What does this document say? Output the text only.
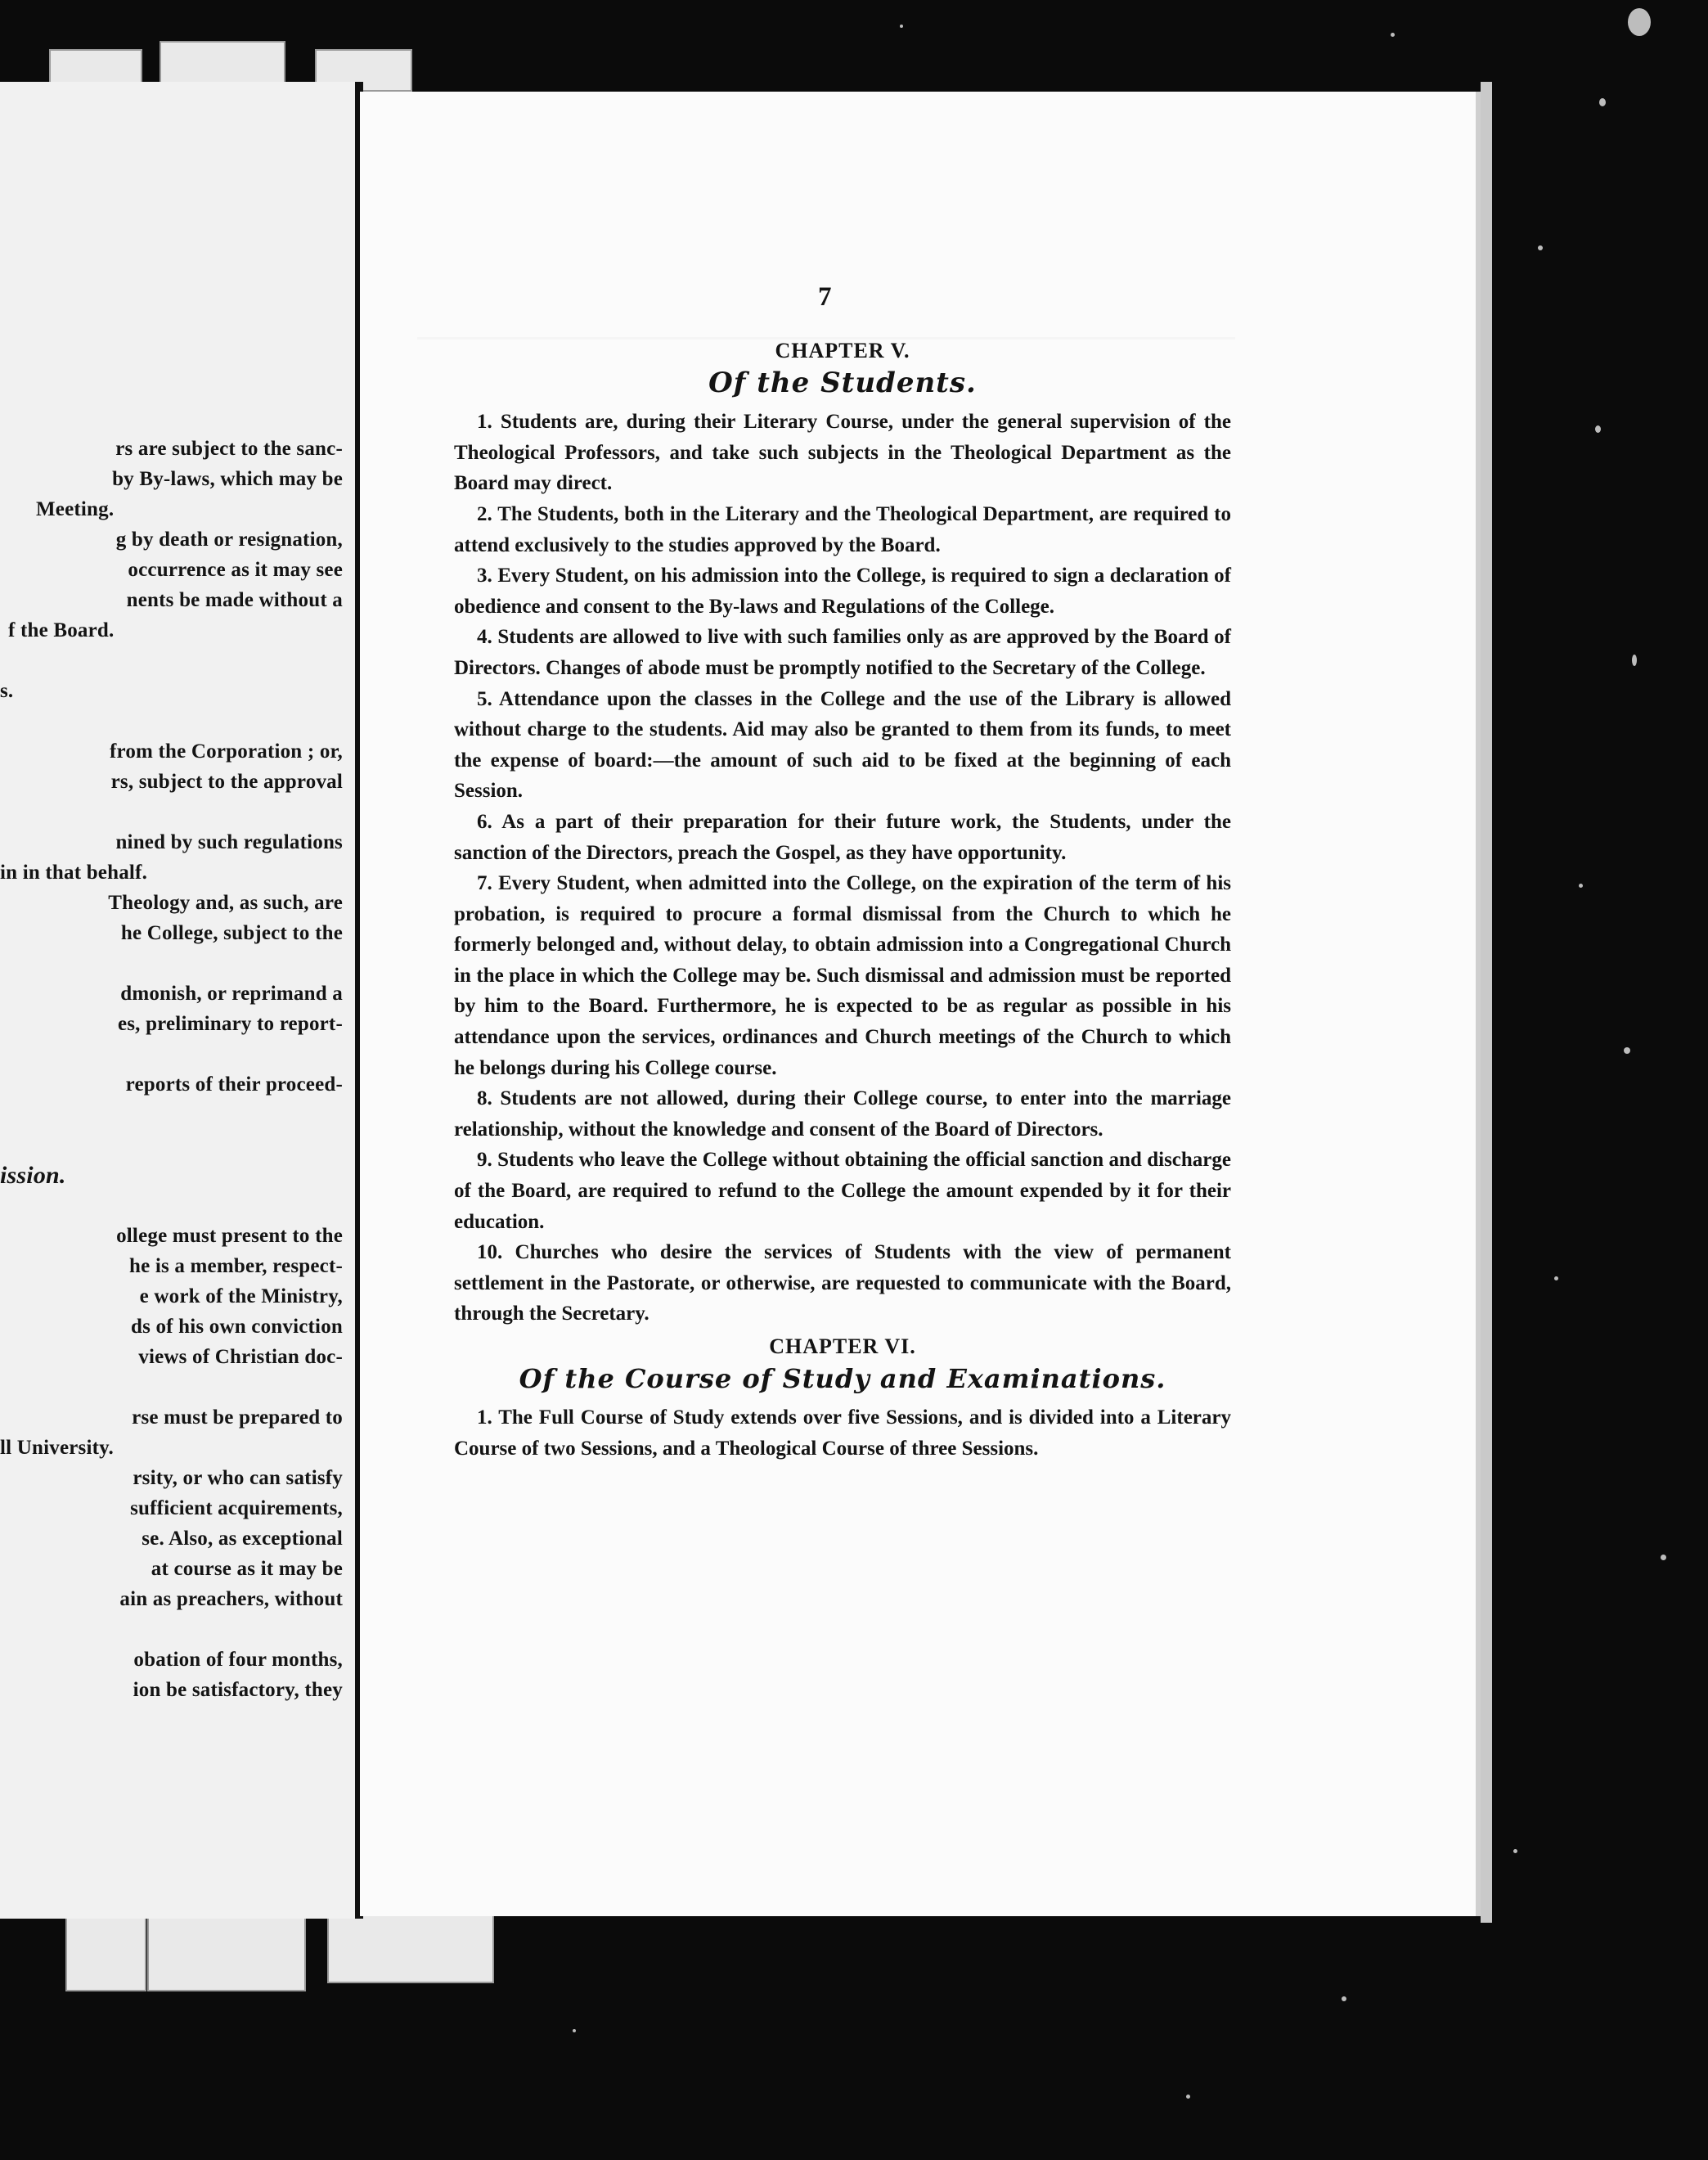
rs are subject to the sanc-

by By-laws, which may be

Meeting.

g by death or resignation,

occurrence as it may see

nents be made without a

f the Board.

s.

from the Corporation ; or,

rs, subject to the approval

nined by such regulations

in in that behalf.

Theology and, as such, are

he College, subject to the

dmonish, or reprimand a

es, preliminary to report-

reports of their proceed-

ission.

ollege must present to the

he is a member, respect-

e work of the Ministry,

ds of his own conviction

views of Christian doc-

rse must be prepared to

ll University.

rsity, or who can satisfy

sufficient acquirements,

se. Also, as exceptional

at course as it may be

ain as preachers, without

obation of four months,

ion be satisfactory, they

7

CHAPTER V.

Of the Students.

1. Students are, during their Literary Course, under the general supervision of the Theological Professors, and take such subjects in the Theological Department as the Board may direct.

2. The Students, both in the Literary and the Theological Department, are required to attend exclusively to the studies approved by the Board.

3. Every Student, on his admission into the College, is required to sign a declaration of obedience and consent to the By-laws and Regulations of the College.

4. Students are allowed to live with such families only as are approved by the Board of Directors. Changes of abode must be promptly notified to the Secretary of the College.

5. Attendance upon the classes in the College and the use of the Library is allowed without charge to the students. Aid may also be granted to them from its funds, to meet the expense of board:—the amount of such aid to be fixed at the beginning of each Session.

6. As a part of their preparation for their future work, the Students, under the sanction of the Directors, preach the Gospel, as they have opportunity.

7. Every Student, when admitted into the College, on the expiration of the term of his probation, is required to procure a formal dismissal from the Church to which he formerly belonged and, without delay, to obtain admission into a Congregational Church in the place in which the College may be. Such dismissal and admission must be reported by him to the Board. Furthermore, he is expected to be as regular as possible in his attendance upon the services, ordinances and Church meetings of the Church to which he belongs during his College course.

8. Students are not allowed, during their College course, to enter into the marriage relationship, without the knowledge and consent of the Board of Directors.

9. Students who leave the College without obtaining the official sanction and discharge of the Board, are required to refund to the College the amount expended by it for their education.

10. Churches who desire the services of Students with the view of permanent settlement in the Pastorate, or otherwise, are requested to communicate with the Board, through the Secretary.

CHAPTER VI.

Of the Course of Study and Examinations.

1. The Full Course of Study extends over five Sessions, and is divided into a Literary Course of two Sessions, and a Theological Course of three Sessions.
